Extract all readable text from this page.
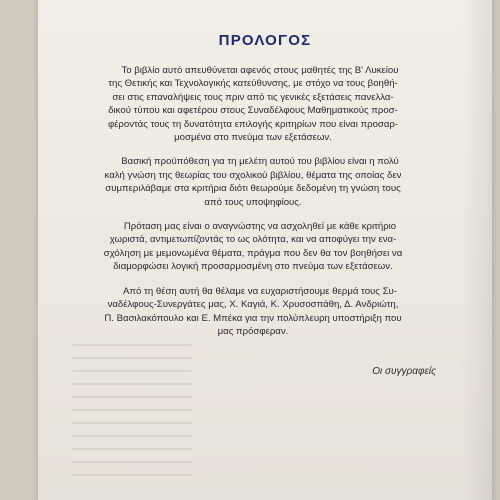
ΠΡΟΛΟΓΟΣ

Το βιβλίο αυτό απευθύνεται αφενός στους μαθητές της Β' Λυκείου
της Θετικής και Τεχνολογικής κατεύθυνσης, με στόχο να τους βοηθή-
σει στις επαναλήψεις τους πριν από τις γενικές εξετάσεις πανελλα-
δικού τύπου και αφετέρου στους Συναδέλφους Μαθηματικούς προσ-
φέροντάς τους τη δυνατότητα επιλογής κριτηρίων που είναι προσαρ-
μοσμένα στο πνεύμα των εξετάσεων.

Βασική προϋπόθεση για τη μελέτη αυτού του βιβλίου είναι η πολύ
καλή γνώση της θεωρίας του σχολικού βιβλίου, θέματα της οποίας δεν
συμπεριλάβαμε στα κριτήρια διότι θεωρούμε δεδομένη τη γνώση τους
από τους υποψηφίους.

Πρόταση μας είναι ο αναγνώστης να ασχοληθεί με κάθε κριτήριο
χωριστά, αντιμετωπίζοντάς το ως ολότητα, και να αποφύγει την ενα-
σχόληση με μεμονωμένα θέματα, πράγμα που δεν θα τον βοηθήσει να
διαμορφώσει λογική προσαρμοσμένη στο πνεύμα των εξετάσεων.

Από τη θέση αυτή θα θέλαμε να ευχαριστήσουμε θερμά τους Συ-
ναδέλφους-Συνεργάτες μας, Χ. Καγιά, Κ. Χρυσοσπάθη, Δ. Ανδριώτη,
Π. Βασιλακόπουλο και Ε. Μπέκα για την πολύπλευρη υποστήριξη που
μας πρόσφεραν.

Οι συγγραφείς
